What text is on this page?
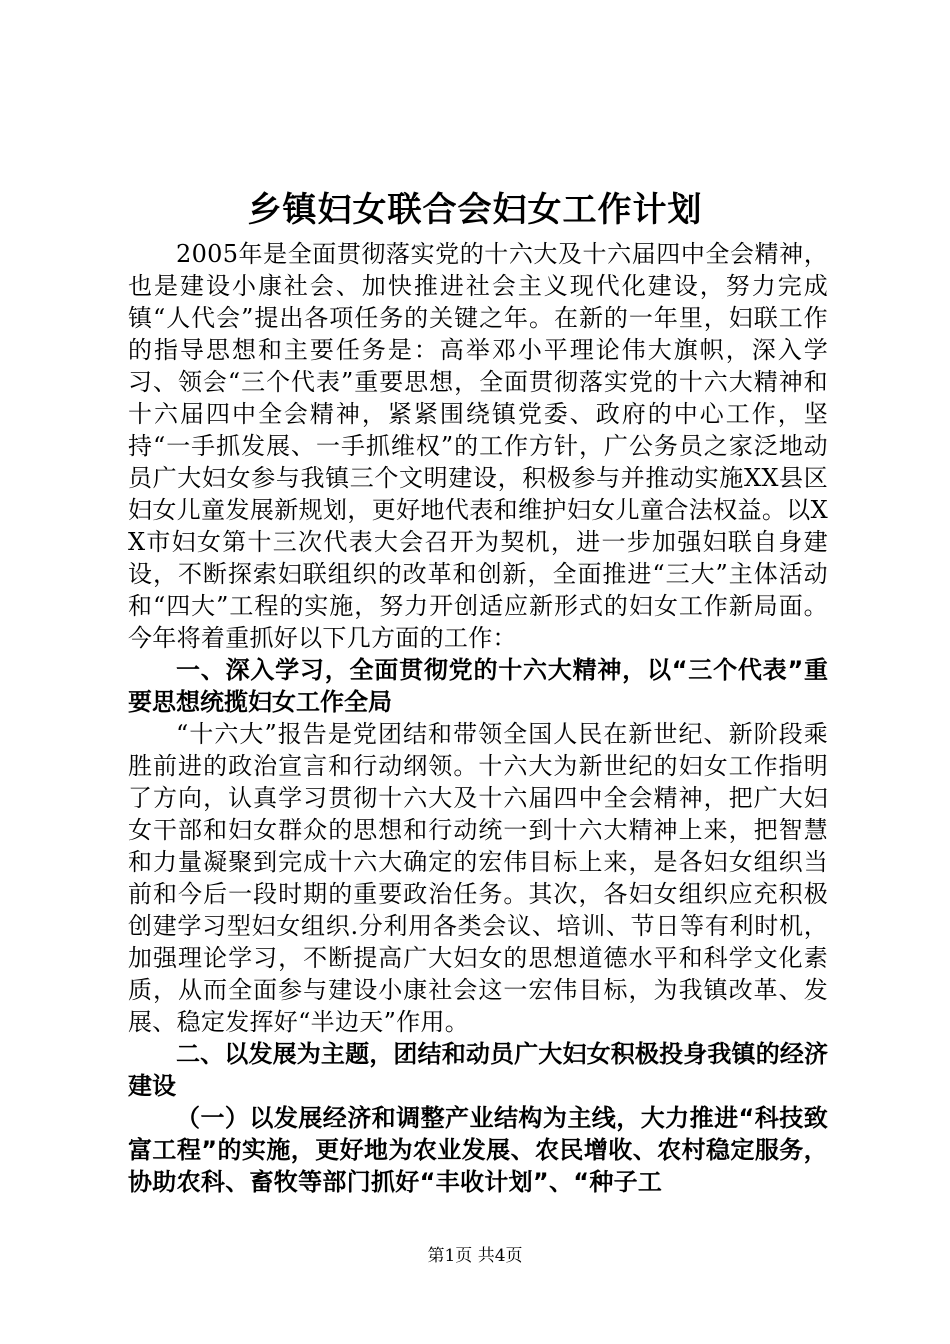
乡镇妇女联合会妇女工作计划

2005年是全面贯彻落实党的十六大及十六届四中全会精神，也是建设小康社会、加快推进社会主义现代化建设，努力完成镇“人代会”提出各项任务的关键之年。在新的一年里，妇联工作的指导思想和主要任务是：高举邓小平理论伟大旗帜，深入学习、领会“三个代表”重要思想，全面贯彻落实党的十六大精神和十六届四中全会精神，紧紧围绕镇党委、政府的中心工作，坚持“一手抓发展、一手抓维权”的工作方针，广公务员之家泛地动员广大妇女参与我镇三个文明建设，积极参与并推动实施XX县区妇女儿童发展新规划，更好地代表和维护妇女儿童合法权益。以XX市妇女第十三次代表大会召开为契机，进一步加强妇联自身建设，不断探索妇联组织的改革和创新，全面推进“三大”主体活动和“四大”工程的实施，努力开创适应新形式的妇女工作新局面。今年将着重抓好以下几方面的工作：

一、深入学习，全面贯彻党的十六大精神，以“三个代表”重要思想统揽妇女工作全局

“十六大”报告是党团结和带领全国人民在新世纪、新阶段乘胜前进的政治宣言和行动纲领。十六大为新世纪的妇女工作指明了方向，认真学习贯彻十六大及十六届四中全会精神，把广大妇女干部和妇女群众的思想和行动统一到十六大精神上来，把智慧和力量凝聚到完成十六大确定的宏伟目标上来，是各妇女组织当前和今后一段时期的重要政治任务。其次，各妇女组织应充积极创建学习型妇女组织.分利用各类会议、培训、节日等有利时机，加强理论学习，不断提高广大妇女的思想道德水平和科学文化素质，从而全面参与建设小康社会这一宏伟目标，为我镇改革、发展、稳定发挥好“半边天”作用。

二、以发展为主题，团结和动员广大妇女积极投身我镇的经济建设

（一）以发展经济和调整产业结构为主线，大力推进“科技致富工程”的实施，更好地为农业发展、农民增收、农村稳定服务，协助农科、畜牧等部门抓好“丰收计划”、“种子工

第1页 共4页
